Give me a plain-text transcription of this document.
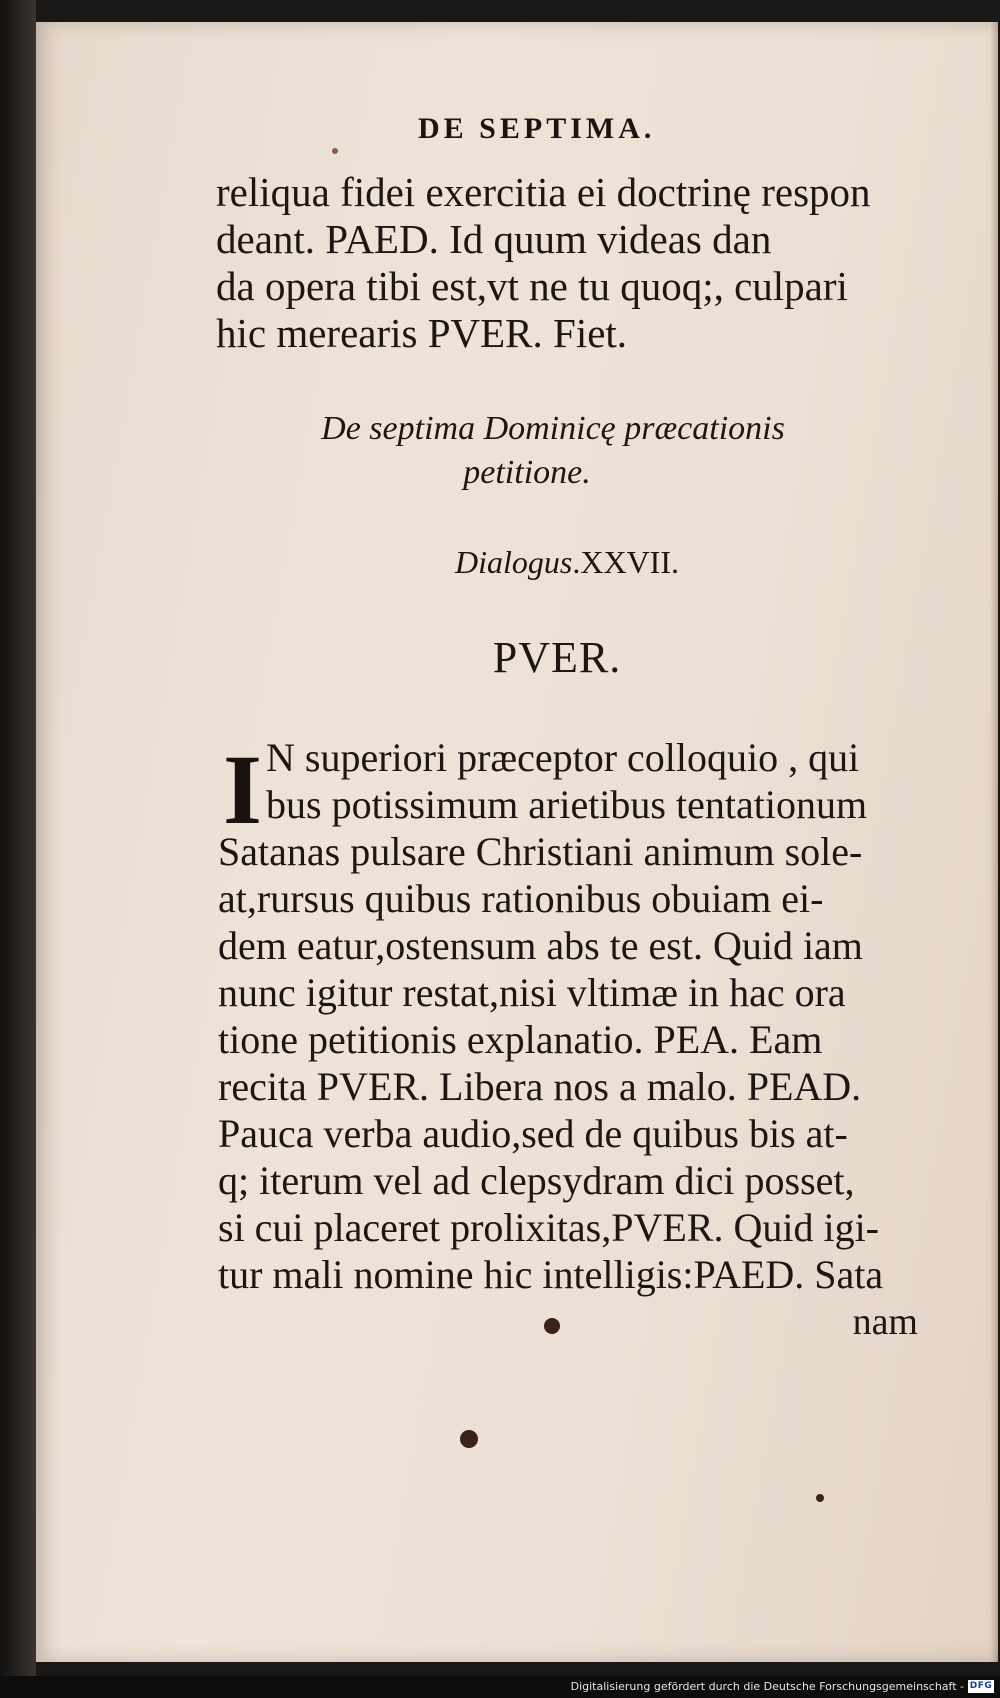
DE SEPTIMA.
reliqua fidei exercitia ei doctrinę respon
deant. PAED. Id quum videas dan
da opera tibi est,vt ne tu quoq;, culpari
hic merearis PVER. Fiet.
De septima Dominicę præcationis
petitione.
Dialogus.XXVII.
PVER.
I N superiori præceptor colloquio , qui
bus potissimum arietibus tentationum
Satanas pulsare Christiani animum sole-
at,rursus quibus rationibus obuiam ei-
dem eatur,ostensum abs te est. Quid iam
nunc igitur restat,nisi vltimæ in hac ora
tione petitionis explanatio. PEA. Eam
recita PVER. Libera nos a malo. PEAD.
Pauca verba audio,sed de quibus bis at-
q; iterum vel ad clepsydram dici posset,
si cui placeret prolixitas,PVER. Quid igi-
tur mali nomine hic intelligis:PAED. Sata
nam
Digitalisierung gefördert durch die Deutsche Forschungsgemeinschaft - DFG
